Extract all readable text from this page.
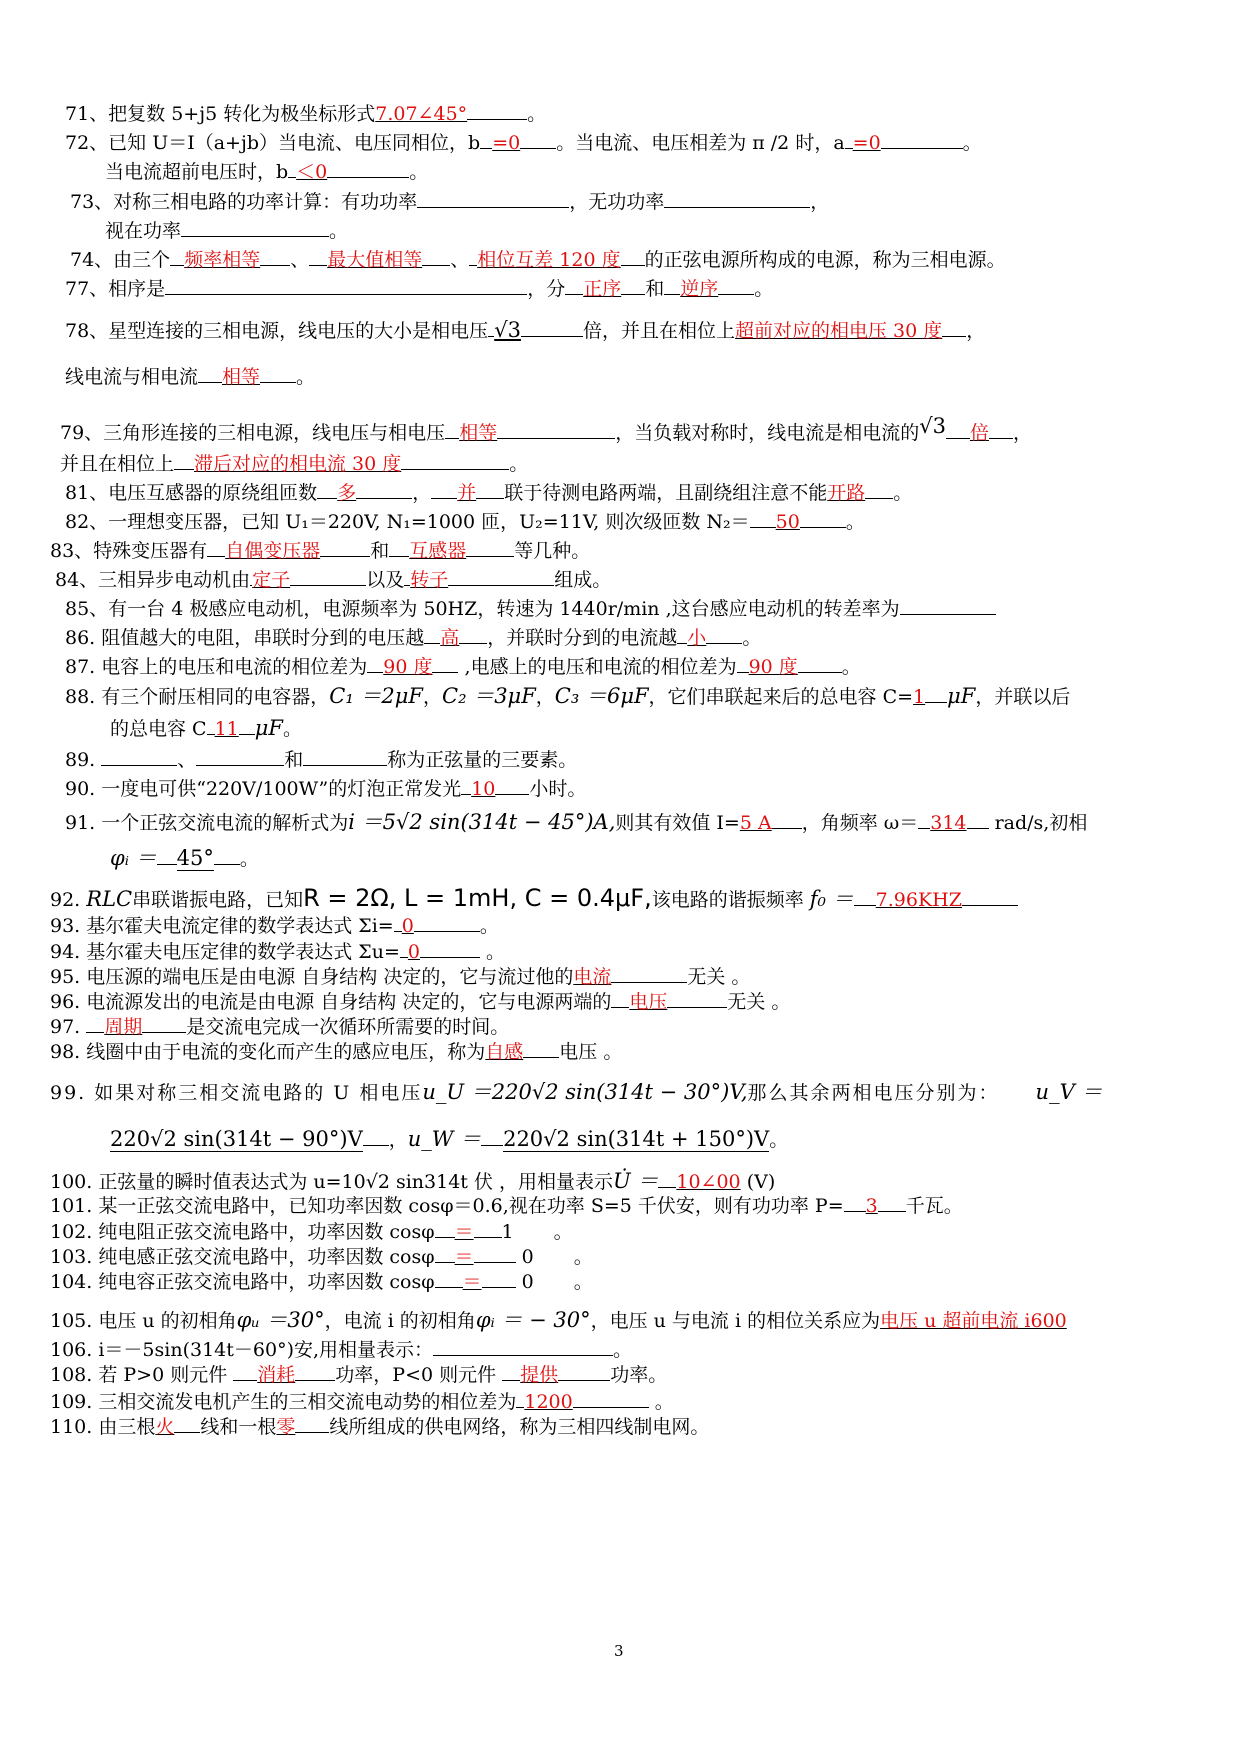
71、把复数 5+j5 转化为极坐标形式7.07∠45°	。
72、已知 U＝I（a+jb）当电流、电压同相位，b =0 。当电流、电压相差为 π /2 时，a =0	。
当电流超前电压时，b ＜0	。
73、对称三相电路的功率计算：有功功率	，无功功率	，
视在功率	。
74、由三个 频率相等 、 最大值相等 、 相位互差 120 度 的正弦电源所构成的电源，称为三相电源。
77、相序是	，分 正序 和 逆序 。
78、星型连接的三相电源，线电压的大小是相电压 √3	倍，并且在相位上超前对应的相电压 30 度 ，
线电流与相电流 相等 。
79、三角形连接的三相电源，线电压与相电压 相等	，当负载对称时，线电流是相电流的√3 倍 ，
并且在相位上 滞后对应的相电流 30 度	。
81、电压互感器的原绕组匝数 多	， 并 联于待测电路两端，且副绕组注意不能开路 。
82、一理想变压器，已知 U₁＝220V, N₁=1000 匝，U₂=11V, 则次级匝数 N₂＝ 50 。
83、特殊变压器有 自偶变压器	和 互感器	等几种。
84、三相异步电动机由 定子	以及 转子	组成。
85、有一台 4 极感应电动机，电源频率为 50HZ，转速为 1440r/min ,这台感应电动机的转差率为
86. 阻值越大的电阻，串联时分到的电压越 高 ，并联时分到的电流越 小 。
87. 电容上的电压和电流的相位差为 90 度 ,电感上的电压和电流的相位差为 90 度 。
88. 有三个耐压相同的电容器，C₁ ＝2μF，C₂ ＝3μF，C₃ ＝6μF，它们串联起来后的总电容 C=1 μF，并联以后
的总电容 C 11 μF。
89.	、	和	称为正弦量的三要素。
90. 一度电可供“220V/100W”的灯泡正常发光 10 小时。
91. 一个正弦交流电流的解析式为i ＝5√2 sin(314t − 45°)A,则其有效值 I=5 A ，角频率 ω＝ 314 rad/s,初相
φᵢ ＝ 45° 。
92. RLC串联谐振电路，已知R = 2Ω, L = 1mH, C = 0.4μF,该电路的谐振频率 f₀ ＝ 7.96KHZ
93. 基尔霍夫电流定律的数学表达式 Σi= 0	。
94. 基尔霍夫电压定律的数学表达式 Σu= 0	。
95. 电压源的端电压是由电源 自身结构 决定的，它与流过他的电流	无关 。
96. 电流源发出的电流是由电源 自身结构 决定的，它与电源两端的 电压	无关 。
97. 周期 是交流电完成一次循环所需要的时间。
98. 线圈中由于电流的变化而产生的感应电压，称为自感 电压 。
99. 如果对称三相交流电路的 U 相电压u_U ＝220√2 sin(314t − 30°)V,那么其余两相电压分别为： u_V ＝
220√2 sin(314t − 90°)V ，u_W ＝ 220√2 sin(314t + 150°)V。
100. 正弦量的瞬时值表达式为 u=10√2 sin314t 伏 ，用相量表示U̇ ＝ 10∠00 (V)
101. 某一正弦交流电路中，已知功率因数 cosφ＝0.6,视在功率 S=5 千伏安，则有功功率 P= 3 千瓦。
102. 纯电阻正弦交流电路中，功率因数 cosφ ＝ 1 。
103. 纯电感正弦交流电路中，功率因数 cosφ ＝	0 。
104. 纯电容正弦交流电路中，功率因数 cosφ ＝ 0 。
105. 电压 u 的初相角φᵤ ＝30°，电流 i 的初相角φᵢ ＝ − 30°，电压 u 与电流 i 的相位关系应为电压 u 超前电流 i600
106. i＝－5sin(314t－60°)安,用相量表示：	。
108. 若 P>0 则元件 消耗 功率，P<0 则元件 提供	功率。
109. 三相交流发电机产生的三相交流电动势的相位差为 1200	。
110. 由三根火 线和一根零 线所组成的供电网络，称为三相四线制电网。
3
